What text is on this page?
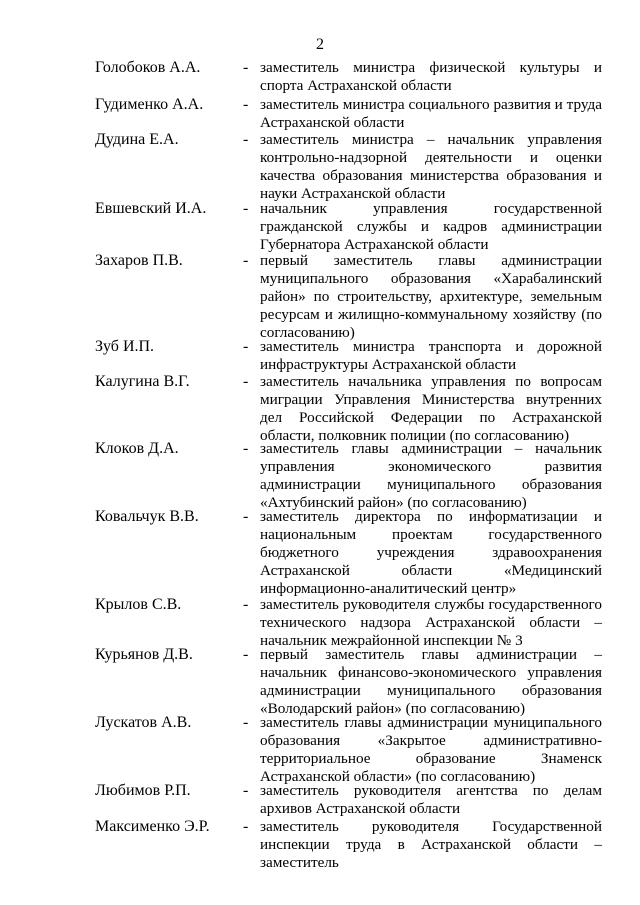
2
Голобоков А.А.	- заместитель министра физической культуры и спорта Астраханской области
Гудименко А.А. - заместитель министра социального развития и труда Астраханской области
Дудина Е.А.	- заместитель министра – начальник управления контрольно-надзорной деятельности и оценки качества образования министерства образования и науки Астраханской области
Евшевский И.А. - начальник управления государственной гражданской службы и кадров администрации Губернатора Астраханской области
Захаров П.В.	- первый заместитель главы администрации муниципального образования «Харабалинский район» по строительству, архитектуре, земельным ресурсам и жилищно-коммунальному хозяйству (по согласованию)
Зуб И.П.	- заместитель министра транспорта и дорожной инфраструктуры Астраханской области
Калугина В.Г.	- заместитель начальника управления по вопросам миграции Управления Министерства внутренних дел Российской Федерации по Астраханской области, полковник полиции (по согласованию)
Клоков Д.А.	- заместитель главы администрации – начальник управления экономического развития администрации муниципального образования «Ахтубинский район» (по согласованию)
Ковальчук В.В.	- заместитель директора по информатизации и национальным проектам государственного бюджетного учреждения здравоохранения Астраханской области «Медицинский информационно-аналитический центр»
Крылов С.В.	- заместитель руководителя службы государственного технического надзора Астраханской области – начальник межрайонной инспекции № 3
Курьянов Д.В.	- первый заместитель главы администрации – начальник финансово-экономического управления администрации муниципального образования «Володарский район» (по согласованию)
Лускатов А.В.	- заместитель главы администрации муниципального образования «Закрытое административно-территориальное образование Знаменск Астраханской области» (по согласованию)
Любимов Р.П.	- заместитель руководителя агентства по делам архивов Астраханской области
Максименко Э.Р. - заместитель руководителя Государственной инспекции труда в Астраханской области – заместитель
